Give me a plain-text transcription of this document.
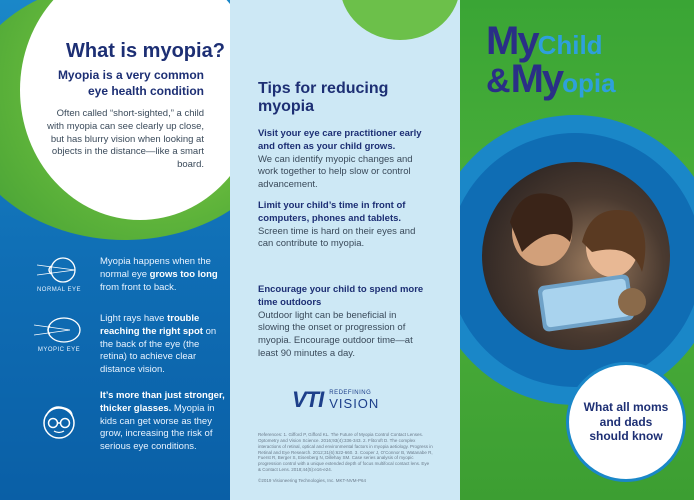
What is myopia?
Myopia is a very common eye health condition
Often called “short-sighted,” a child with myopia can see clearly up close, but has blurry vision when looking at objects in the distance—like a smart board.
NORMAL EYE
Myopia happens when the normal eye grows too long from front to back.
MYOPIC EYE
Light rays have trouble reaching the right spot on the back of the eye (the retina) to achieve clear distance vision.
It’s more than just stronger, thicker glasses. Myopia in kids can get worse as they grow, increasing the risk of serious eye conditions.
Tips for reducing myopia
Visit your eye care practitioner early and often as your child grows.
We can identify myopic changes and work together to help slow or control advancement.
Limit your child’s time in front of computers, phones and tablets.
Screen time is hard on their eyes and can contribute to myopia.
Encourage your child to spend more time outdoors
Outdoor light can be beneficial in slowing the onset or progression of myopia. Encourage outdoor time—at least 90 minutes a day.
VTI REDEFINING
VISION
References: 1. Gifford P, Gifford KL. The Future of Myopia Control Contact Lenses. Optometry and Vision Science. 2016;93(4):336-343. 2. Flitcroft D. The complex interactions of retinal, optical and environmental factors in myopia aetiology. Progress in Retinal and Eye Research. 2012;31(6):622-660. 3. Cooper J, O’Connor B, Watanabe R, Fuerst R, Berger S, Eisenberg N, Dillehay SM. Case series analysis of myopic progression control with a unique extended depth of focus multifocal contact lens. Eye & Contact Lens. 2018;44(5):e16-e24.
©2019 Visioneering Technologies, Inc. MKT-NVM-P64
MyChild
&Myopia
What all moms and dads should know
